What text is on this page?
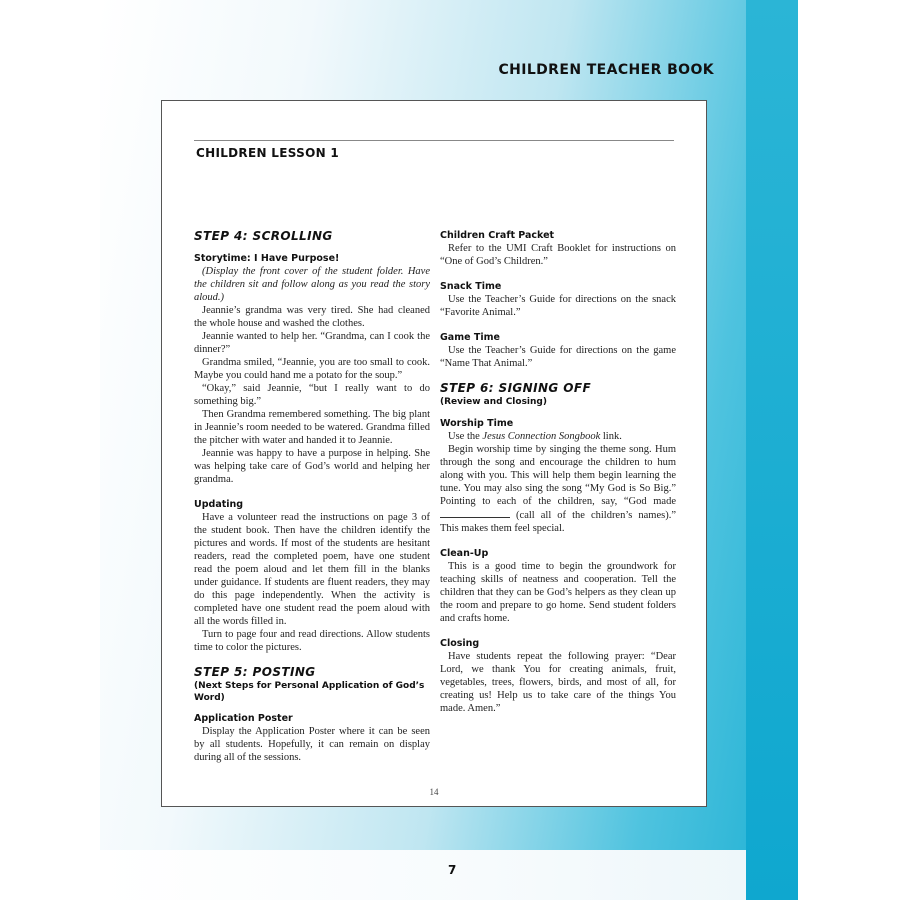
CHILDREN TEACHER BOOK
CHILDREN LESSON 1
STEP 4: SCROLLING
Storytime: I Have Purpose!

(Display the front cover of the student folder. Have the children sit and follow along as you read the story aloud.)

Jeannie’s grandma was very tired. She had cleaned the whole house and washed the clothes.

Jeannie wanted to help her. “Grandma, can I cook the dinner?”

Grandma smiled, “Jeannie, you are too small to cook. Maybe you could hand me a potato for the soup.”

“Okay,” said Jeannie, “but I really want to do something big.”

Then Grandma remembered something. The big plant in Jeannie’s room needed to be watered. Grandma filled the pitcher with water and handed it to Jeannie.

Jeannie was happy to have a purpose in helping. She was helping take care of God’s world and helping her grandma.

Updating

Have a volunteer read the instructions on page 3 of the student book. Then have the children identify the pictures and words. If most of the students are hesitant readers, read the completed poem, have one student read the poem aloud and let them fill in the blanks under guidance. If students are fluent readers, they may do this page independently. When the activity is completed have one student read the poem aloud with all the words filled in.

Turn to page four and read directions. Allow students time to color the pictures.

STEP 5: POSTING
(Next Steps for Personal Application of God’s Word)
Application Poster

Display the Application Poster where it can be seen by all students. Hopefully, it can remain on display during all of the sessions.

Children Craft Packet

Refer to the UMI Craft Booklet for instructions on “One of God’s Children.”

Snack Time

Use the Teacher’s Guide for directions on the snack “Favorite Animal.”

Game Time

Use the Teacher’s Guide for directions on the game “Name That Animal.”

STEP 6: SIGNING OFF
(Review and Closing)
Worship Time

Use the Jesus Connection Songbook link.

Begin worship time by singing the theme song. Hum through the song and encourage the children to hum along with you. This will help them begin learning the tune. You may also sing the song “My God is So Big.” Pointing to each of the children, say, “God made  (call all of the children’s names).” This makes them feel special.

Clean-Up

This is a good time to begin the groundwork for teaching skills of neatness and cooperation. Tell the children that they can be God’s helpers as they clean up the room and prepare to go home. Send student folders and crafts home.

Closing

Have students repeat the following prayer: “Dear Lord, we thank You for creating animals, fruit, vegetables, trees, flowers, birds, and most of all, for creating us! Help us to take care of the things You made. Amen.”

14
7
